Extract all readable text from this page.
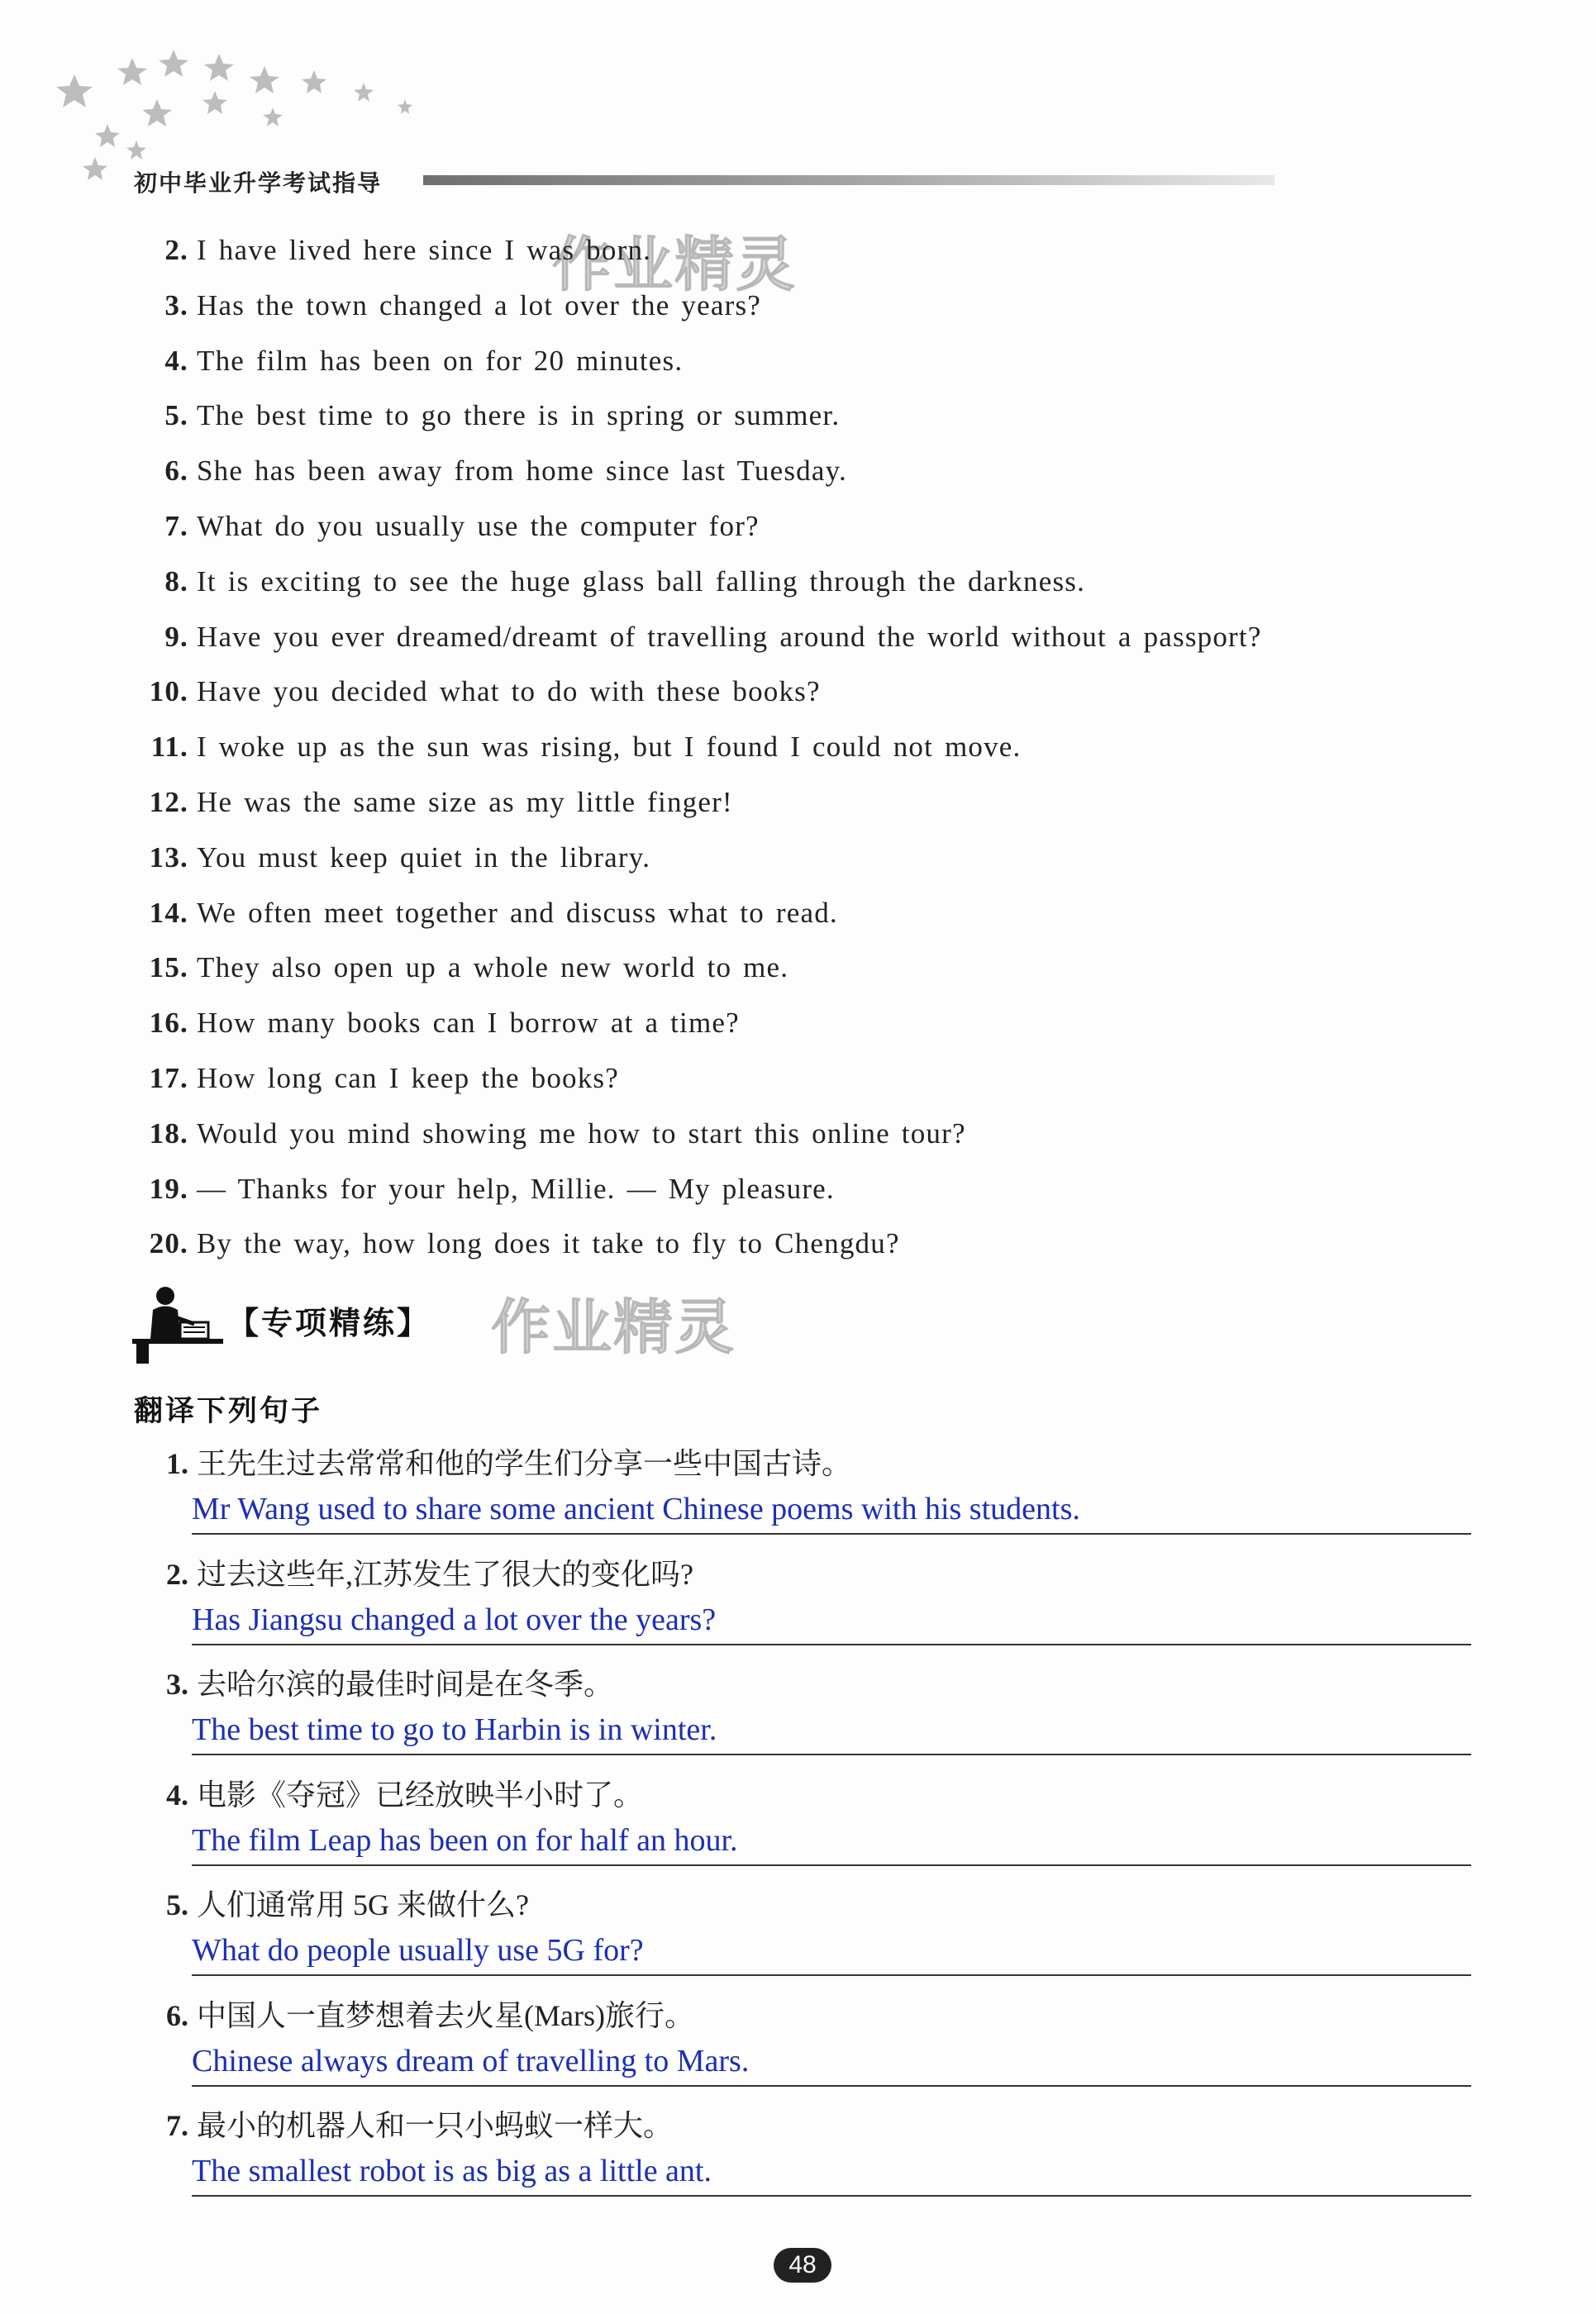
初中毕业升学考试指导
作业精灵
作业精灵
2. I have lived here since I was born.
3. Has the town changed a lot over the years?
4. The film has been on for 20 minutes.
5. The best time to go there is in spring or summer.
6. She has been away from home since last Tuesday.
7. What do you usually use the computer for?
8. It is exciting to see the huge glass ball falling through the darkness.
9. Have you ever dreamed/dreamt of travelling around the world without a passport?
10. Have you decided what to do with these books?
11. I woke up as the sun was rising, but I found I could not move.
12. He was the same size as my little finger!
13. You must keep quiet in the library.
14. We often meet together and discuss what to read.
15. They also open up a whole new world to me.
16. How many books can I borrow at a time?
17. How long can I keep the books?
18. Would you mind showing me how to start this online tour?
19. — Thanks for your help, Millie. — My pleasure.
20. By the way, how long does it take to fly to Chengdu?
【专项精练】
翻译下列句子
1. 王先生过去常常和他的学生们分享一些中国古诗。
Mr Wang used to share some ancient Chinese poems with his students.
2. 过去这些年,江苏发生了很大的变化吗?
Has Jiangsu changed a lot over the years?
3. 去哈尔滨的最佳时间是在冬季。
The best time to go to Harbin is in winter.
4. 电影《夺冠》已经放映半小时了。
The film Leap has been on for half an hour.
5. 人们通常用 5G 来做什么?
What do people usually use 5G for?
6. 中国人一直梦想着去火星(Mars)旅行。
Chinese always dream of travelling to Mars.
7. 最小的机器人和一只小蚂蚁一样大。
The smallest robot is as big as a little ant.
48
